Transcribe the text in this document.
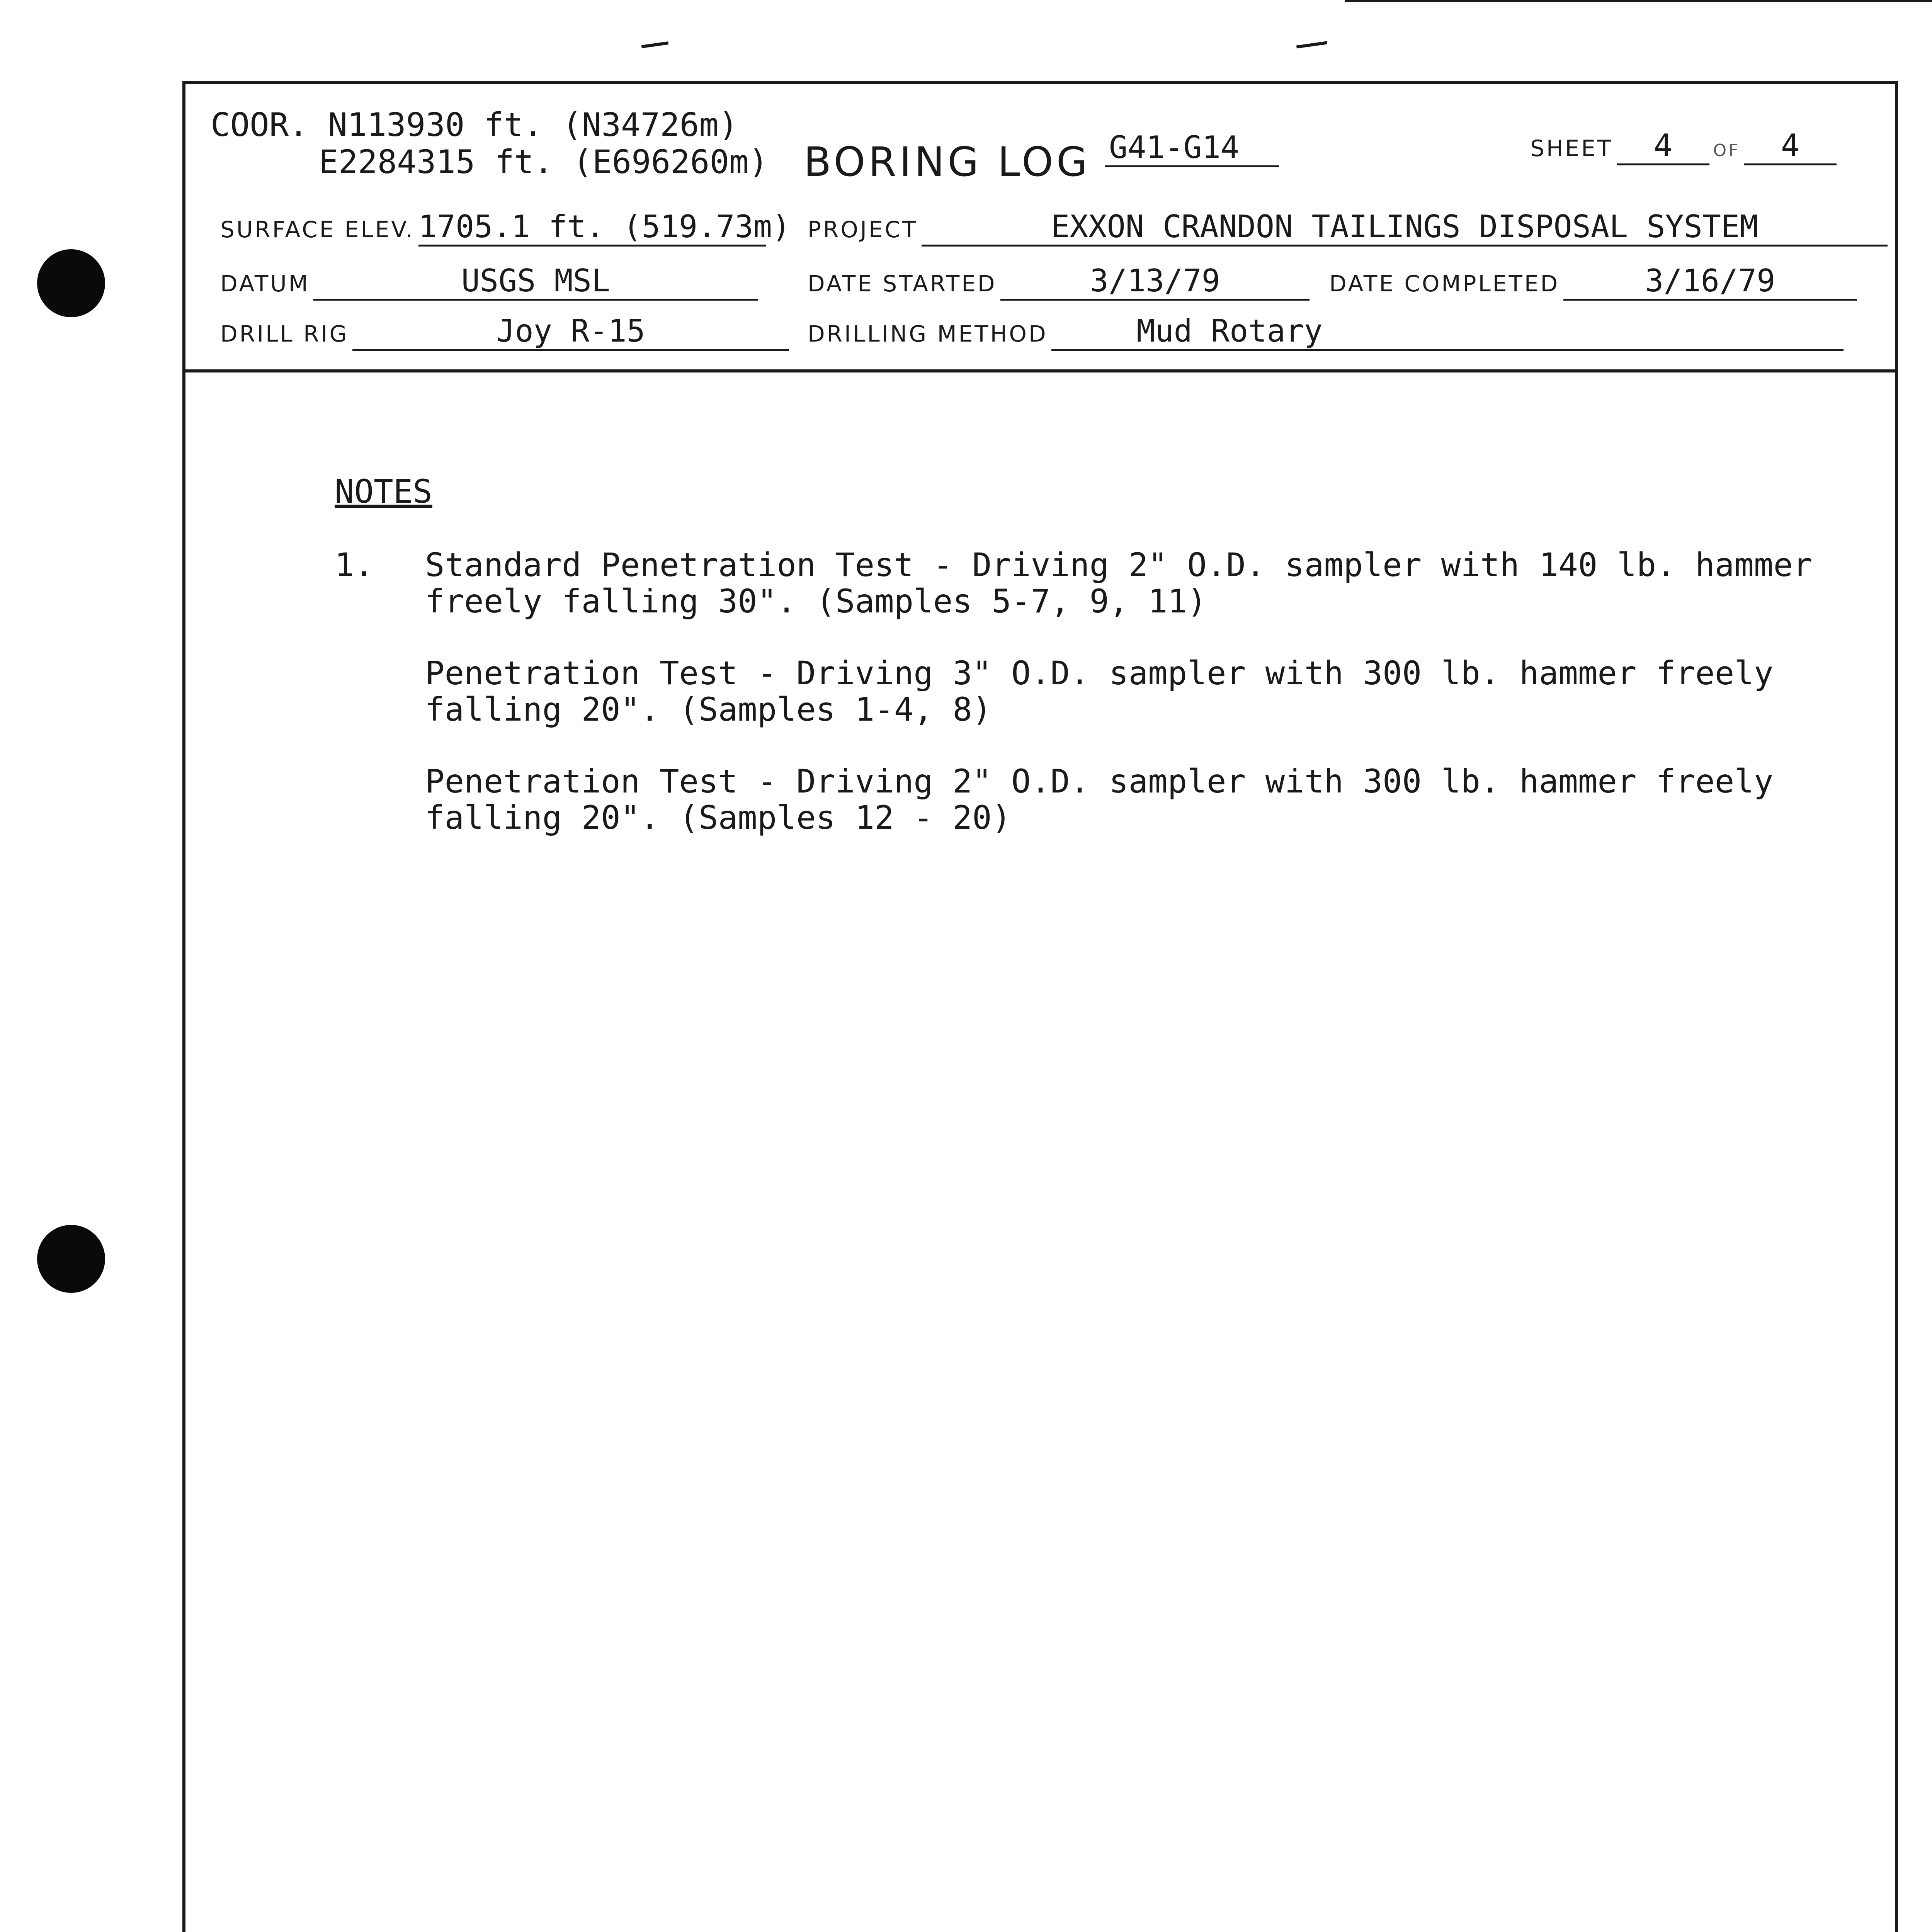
COOR. N113930 ft. (N34726m)
E2284315 ft. (E696260m) BORING LOG G41-G14	SHEET 4 OF 4
SURFACE ELEV. 1705.1 ft. (519.73m) PROJECT	EXXON CRANDON TAILINGS DISPOSAL SYSTEM
DATUM	USGS MSL	DATE STARTED	3/13/79	DATE COMPLETED	3/16/79
DRILL RIG	Joy R-15	DRILLING METHOD	Mud Rotary
NOTES
1. Standard Penetration Test - Driving 2" O.D. sampler with 140 lb. hammer
freely falling 30". (Samples 5-7, 9, 11)
Penetration Test - Driving 3" O.D. sampler with 300 lb. hammer freely
falling 20". (Samples 1-4, 8)
Penetration Test - Driving 2" O.D. sampler with 300 lb. hammer freely
falling 20". (Samples 12 - 20)
